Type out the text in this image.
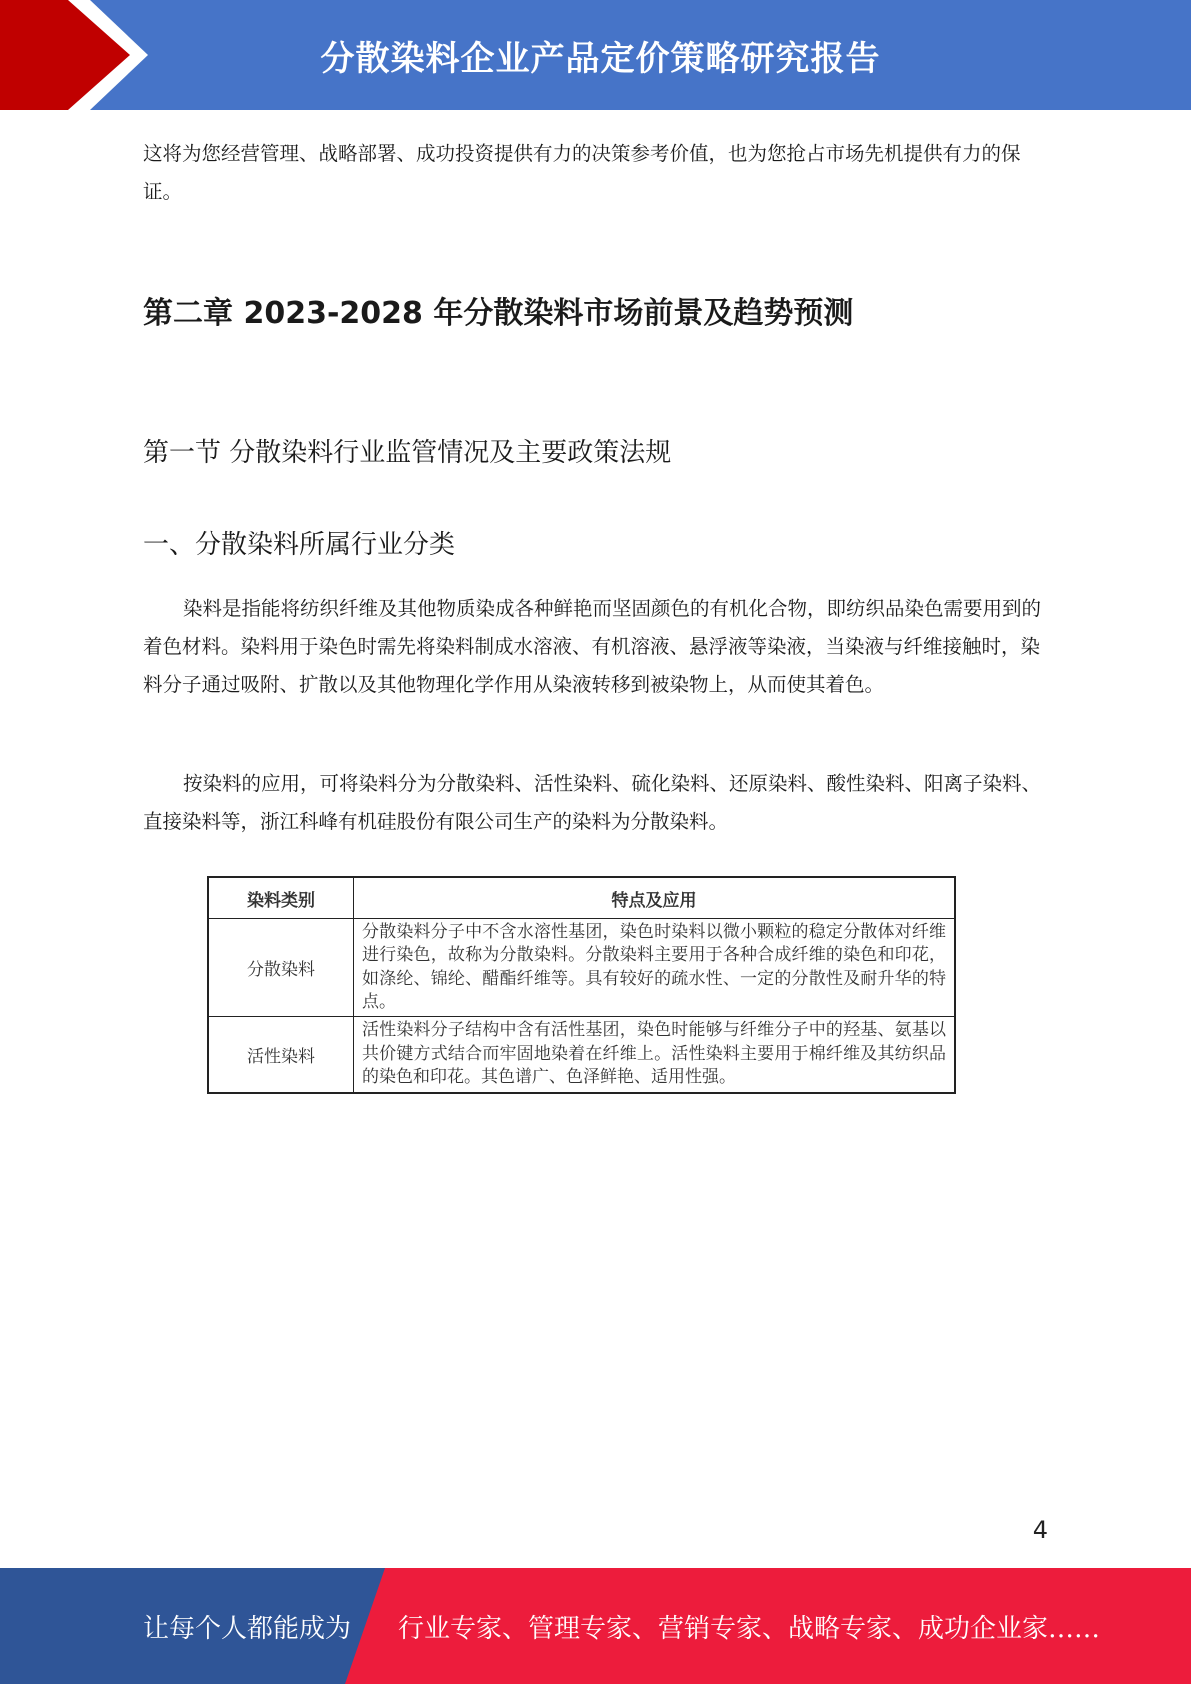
分散染料企业产品定价策略研究报告

这将为您经营管理、战略部署、成功投资提供有力的决策参考价值，也为您抢占市场先机提供有力的保证。

第二章 2023-2028 年分散染料市场前景及趋势预测
第一节 分散染料行业监管情况及主要政策法规
一、分散染料所属行业分类

染料是指能将纺织纤维及其他物质染成各种鲜艳而坚固颜色的有机化合物，即纺织品染色需要用到的着色材料。染料用于染色时需先将染料制成水溶液、有机溶液、悬浮液等染液，当染液与纤维接触时，染料分子通过吸附、扩散以及其他物理化学作用从染液转移到被染物上，从而使其着色。

按染料的应用，可将染料分为分散染料、活性染料、硫化染料、还原染料、酸性染料、阳离子染料、直接染料等，浙江科峰有机硅股份有限公司生产的染料为分散染料。

染料类别	特点及应用
分散染料	分散染料分子中不含水溶性基团，染色时染料以微小颗粒的稳定分散体对纤维进行染色，故称为分散染料。分散染料主要用于各种合成纤维的染色和印花，如涤纶、锦纶、醋酯纤维等。具有较好的疏水性、一定的分散性及耐升华的特点。
活性染料	活性染料分子结构中含有活性基团，染色时能够与纤维分子中的羟基、氨基以共价键方式结合而牢固地染着在纤维上。活性染料主要用于棉纤维及其纺织品的染色和印花。其色谱广、色泽鲜艳、适用性强。
4
让每个人都能成为 行业专家、管理专家、营销专家、战略专家、成功企业家……
